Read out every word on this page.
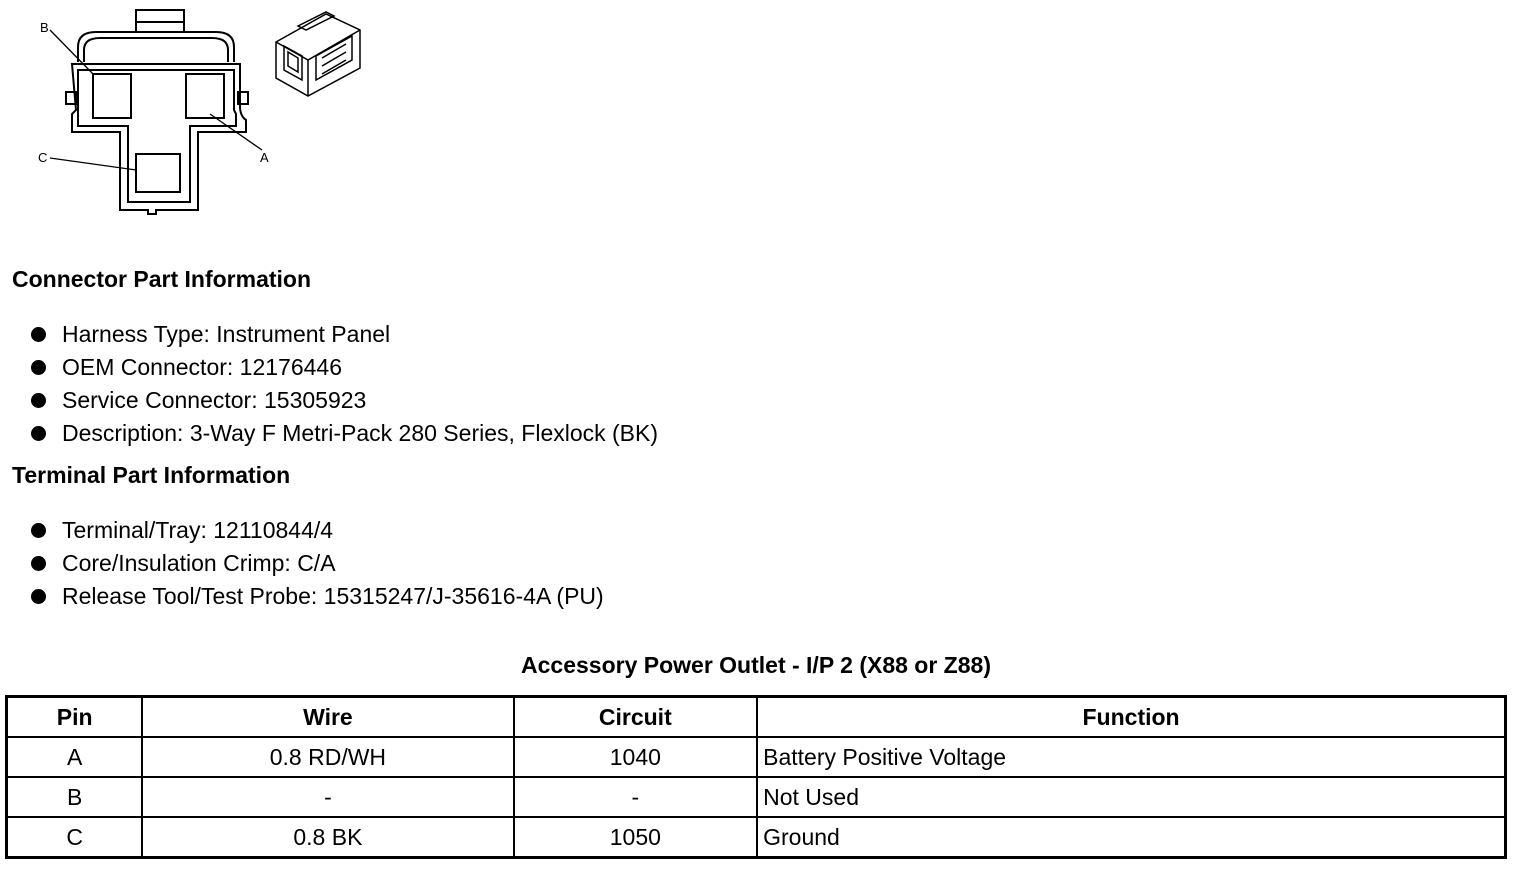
B
A
C
Connector Part Information
Harness Type: Instrument Panel
OEM Connector: 12176446
Service Connector: 15305923
Description: 3-Way F Metri-Pack 280 Series, Flexlock (BK)
Terminal Part Information
Terminal/Tray: 12110844/4
Core/Insulation Crimp: C/A
Release Tool/Test Probe: 15315247/J-35616-4A (PU)
Accessory Power Outlet - I/P 2 (X88 or Z88)
Pin	Wire	Circuit	Function
A	0.8 RD/WH	1040	Battery Positive Voltage
B	-	-	Not Used
C	0.8 BK	1050	Ground
